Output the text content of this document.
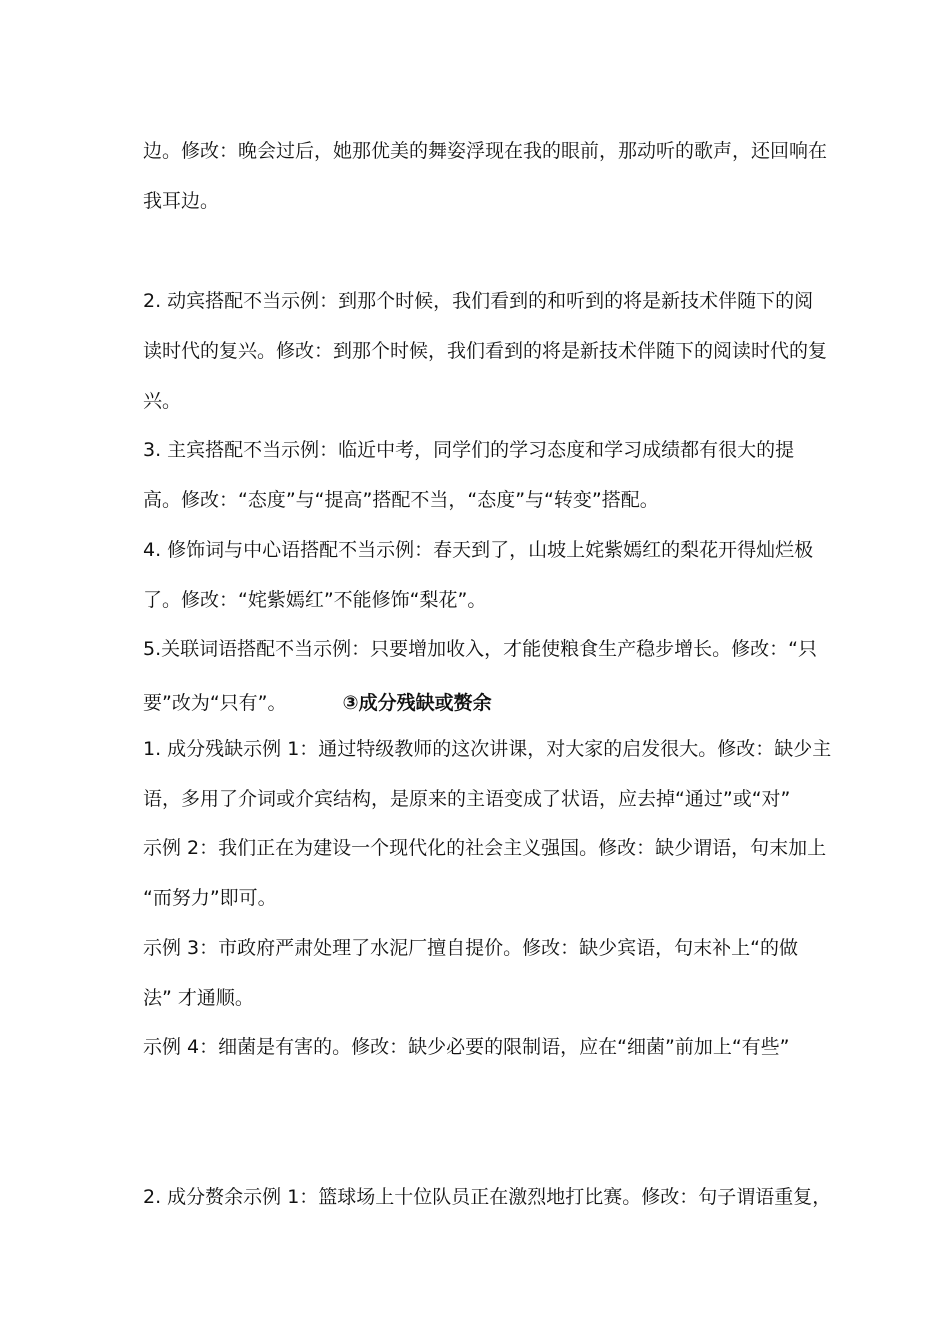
边。修改：晚会过后，她那优美的舞姿浮现在我的眼前，那动听的歌声，还回响在
我耳边。
2. 动宾搭配不当示例：到那个时候，我们看到的和听到的将是新技术伴随下的阅
读时代的复兴。修改：到那个时候，我们看到的将是新技术伴随下的阅读时代的复
兴。
3. 主宾搭配不当示例：临近中考，同学们的学习态度和学习成绩都有很大的提
高。修改：“态度”与“提高”搭配不当，“态度”与“转变”搭配。
4. 修饰词与中心语搭配不当示例：春天到了，山坡上姹紫嫣红的梨花开得灿烂极
了。修改：“姹紫嫣红”不能修饰“梨花”。
5.关联词语搭配不当示例：只要增加收入，才能使粮食生产稳步增长。修改：“只
要”改为“只有”。	③成分残缺或赘余
1. 成分残缺示例 1：通过特级教师的这次讲课，对大家的启发很大。修改：缺少主
语，多用了介词或介宾结构，是原来的主语变成了状语，应去掉“通过”或“对”
示例 2：我们正在为建设一个现代化的社会主义强国。修改：缺少谓语，句末加上
“而努力”即可。
示例 3：市政府严肃处理了水泥厂擅自提价。修改：缺少宾语，句末补上“的做
法” 才通顺。
示例 4：细菌是有害的。修改：缺少必要的限制语，应在“细菌”前加上“有些”
2. 成分赘余示例 1：篮球场上十位队员正在激烈地打比赛。修改：句子谓语重复，
